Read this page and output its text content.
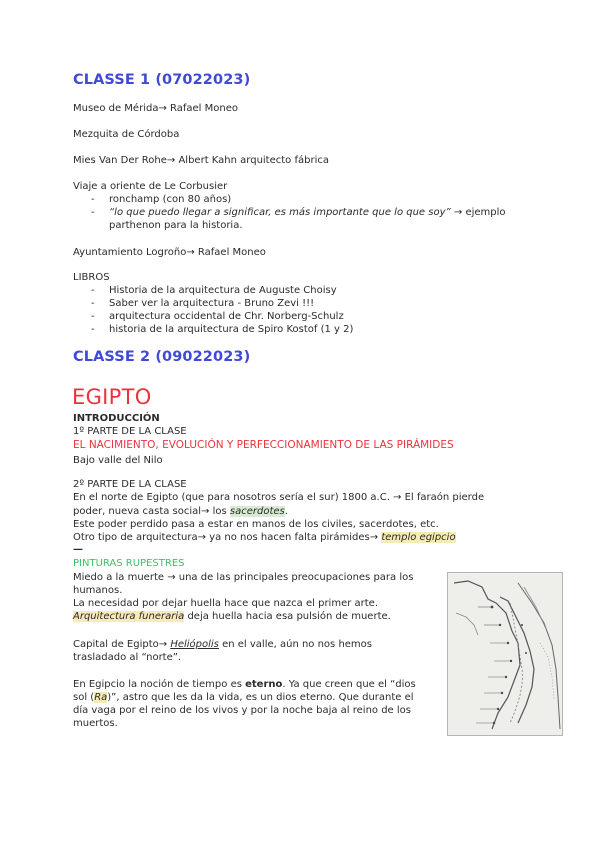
CLASSE 1 (07022023)
Museo de Mérida→ Rafael Moneo
Mezquita de Córdoba
Mies Van Der Rohe→ Albert Kahn arquitecto fábrica
Viaje a oriente de Le Corbusier
- ronchamp (con 80 años)
- “lo que puedo llegar a significar, es más importante que lo que soy” → ejemplo
parthenon para la historia.
Ayuntamiento Logroño→ Rafael Moneo
LIBROS
- Historia de la arquitectura de Auguste Choisy
- Saber ver la arquitectura - Bruno Zevi !!!
- arquitectura occidental de Chr. Norberg-Schulz
- historia de la arquitectura de Spiro Kostof (1 y 2)
CLASSE 2 (09022023)
EGIPTO
INTRODUCCIÓN
1º PARTE DE LA CLASE
EL NACIMIENTO, EVOLUCIÓN Y PERFECCIONAMIENTO DE LAS PIRÁMIDES
Bajo valle del Nilo
2º PARTE DE LA CLASE
En el norte de Egipto (que para nosotros sería el sur) 1800 a.C. → El faraón pierde
poder, nueva casta social→ los sacerdotes.
Este poder perdido pasa a estar en manos de los civiles, sacerdotes, etc.
Otro tipo de arquitectura→ ya no nos hacen falta pirámides→ templo egipcio
—
PINTURAS RUPESTRES
Miedo a la muerte → una de las principales preocupaciones para los
humanos.
La necesidad por dejar huella hace que nazca el primer arte.
Arquitectura funeraria deja huella hacia esa pulsión de muerte.
Capital de Egipto→ Heliópolis en el valle, aún no nos hemos
trasladado al “norte”.
En Egipcio la noción de tiempo es eterno. Ya que creen que el “dios
sol (Ra)”, astro que les da la vida, es un dios eterno. Que durante el
día vaga por el reino de los vivos y por la noche baja al reino de los
muertos.
